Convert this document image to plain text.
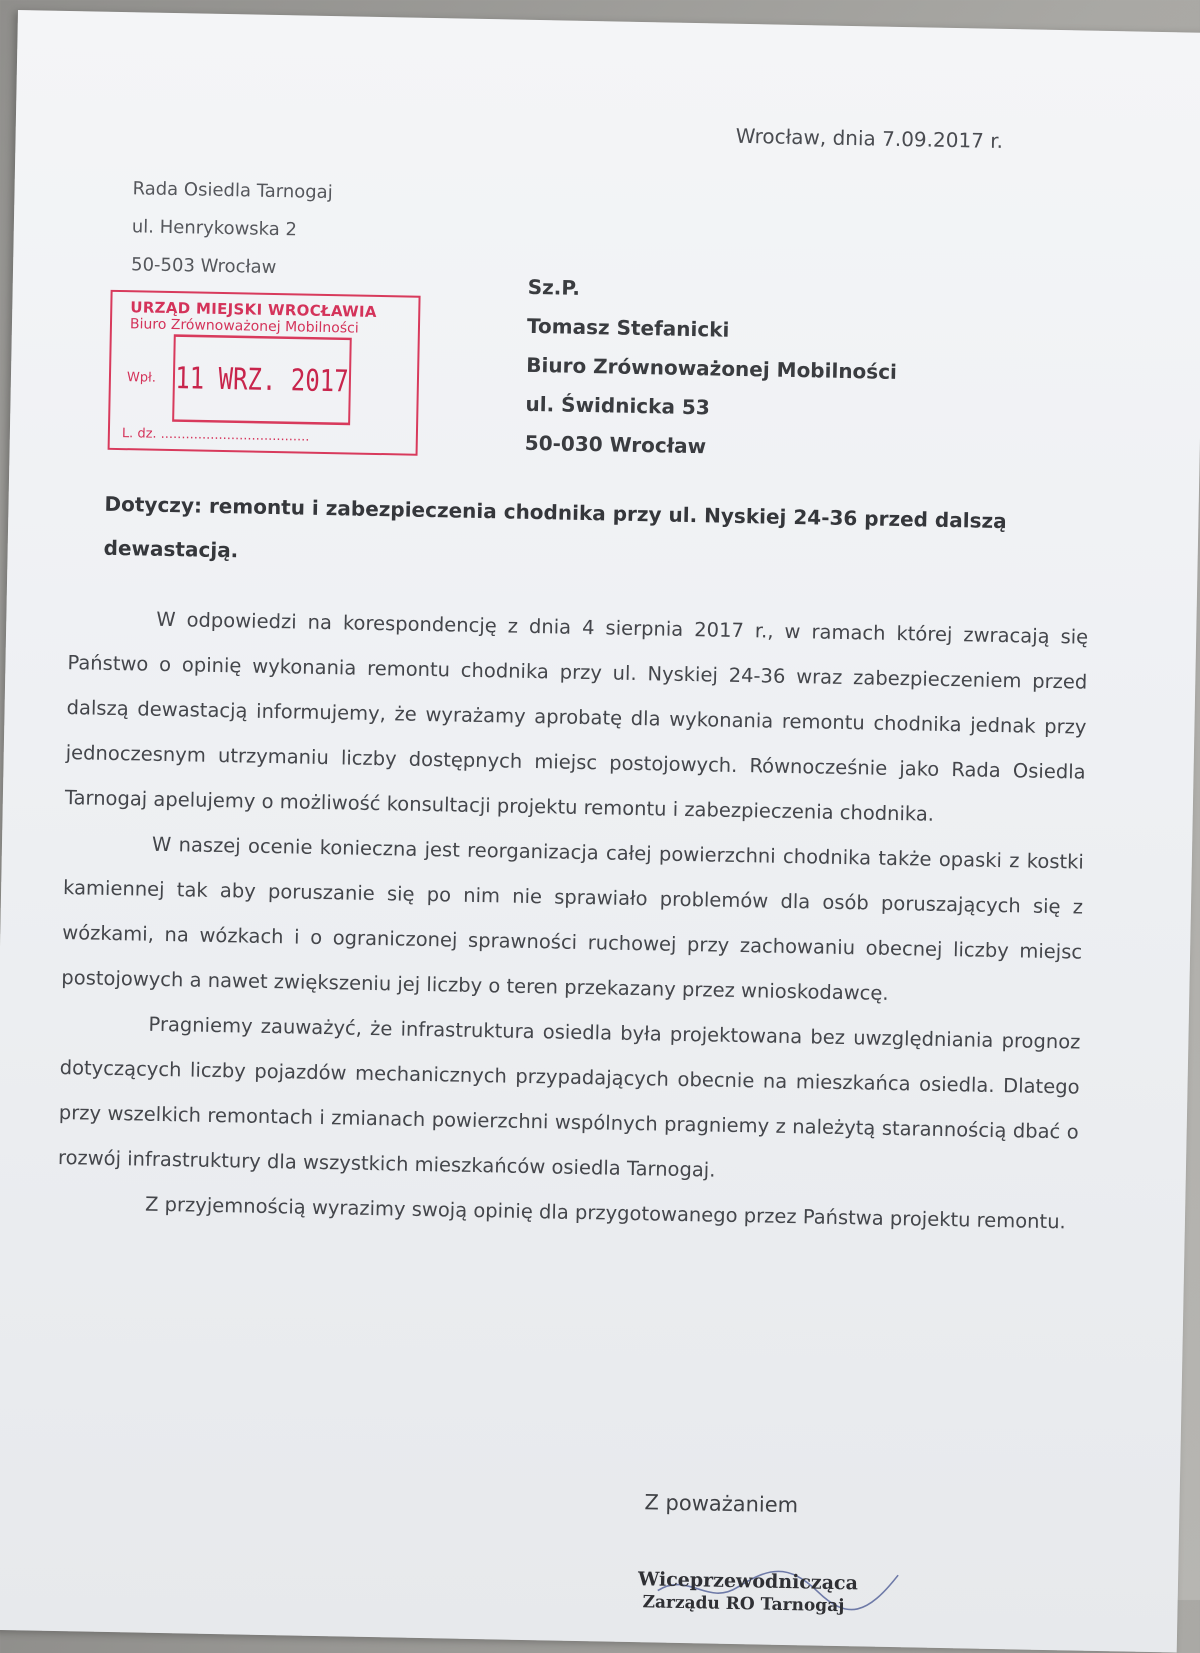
Wrocław, dnia 7.09.2017 r.
Rada Osiedla Tarnogaj
ul. Henrykowska 2
50-503 Wrocław
Sz.P.
Tomasz Stefanicki
Biuro Zrównoważonej Mobilności
ul. Świdnicka 53
50-030 Wrocław
URZĄD MIEJSKI WROCŁAWIA
Biuro Zrównoważonej Mobilności
Wpł. 11 WRZ. 2017
L. dz. ....................................
Dotyczy: remontu i zabezpieczenia chodnika przy ul. Nyskiej 24-36 przed dalszą dewastacją.

W odpowiedzi na korespondencję z dnia 4 sierpnia 2017 r., w ramach której zwracają się Państwo o opinię wykonania remontu chodnika przy ul. Nyskiej 24-36 wraz zabezpieczeniem przed dalszą dewastacją informujemy, że wyrażamy aprobatę dla wykonania remontu chodnika jednak przy jednoczesnym utrzymaniu liczby dostępnych miejsc postojowych. Równocześnie jako Rada Osiedla Tarnogaj apelujemy o możliwość konsultacji projektu remontu i zabezpieczenia chodnika.

W naszej ocenie konieczna jest reorganizacja całej powierzchni chodnika także opaski z kostki kamiennej tak aby poruszanie się po nim nie sprawiało problemów dla osób poruszających się z wózkami, na wózkach i o ograniczonej sprawności ruchowej przy zachowaniu obecnej liczby miejsc postojowych a nawet zwiększeniu jej liczby o teren przekazany przez wnioskodawcę.

Pragniemy zauważyć, że infrastruktura osiedla była projektowana bez uwzględniania prognoz dotyczących liczby pojazdów mechanicznych przypadających obecnie na mieszkańca osiedla. Dlatego przy wszelkich remontach i zmianach powierzchni wspólnych pragniemy z należytą starannością dbać o rozwój infrastruktury dla wszystkich mieszkańców osiedla Tarnogaj.

Z przyjemnością wyrazimy swoją opinię dla przygotowanego przez Państwa projektu remontu.

Z poważaniem
Wiceprzewodnicząca
Zarządu RO Tarnogaj
